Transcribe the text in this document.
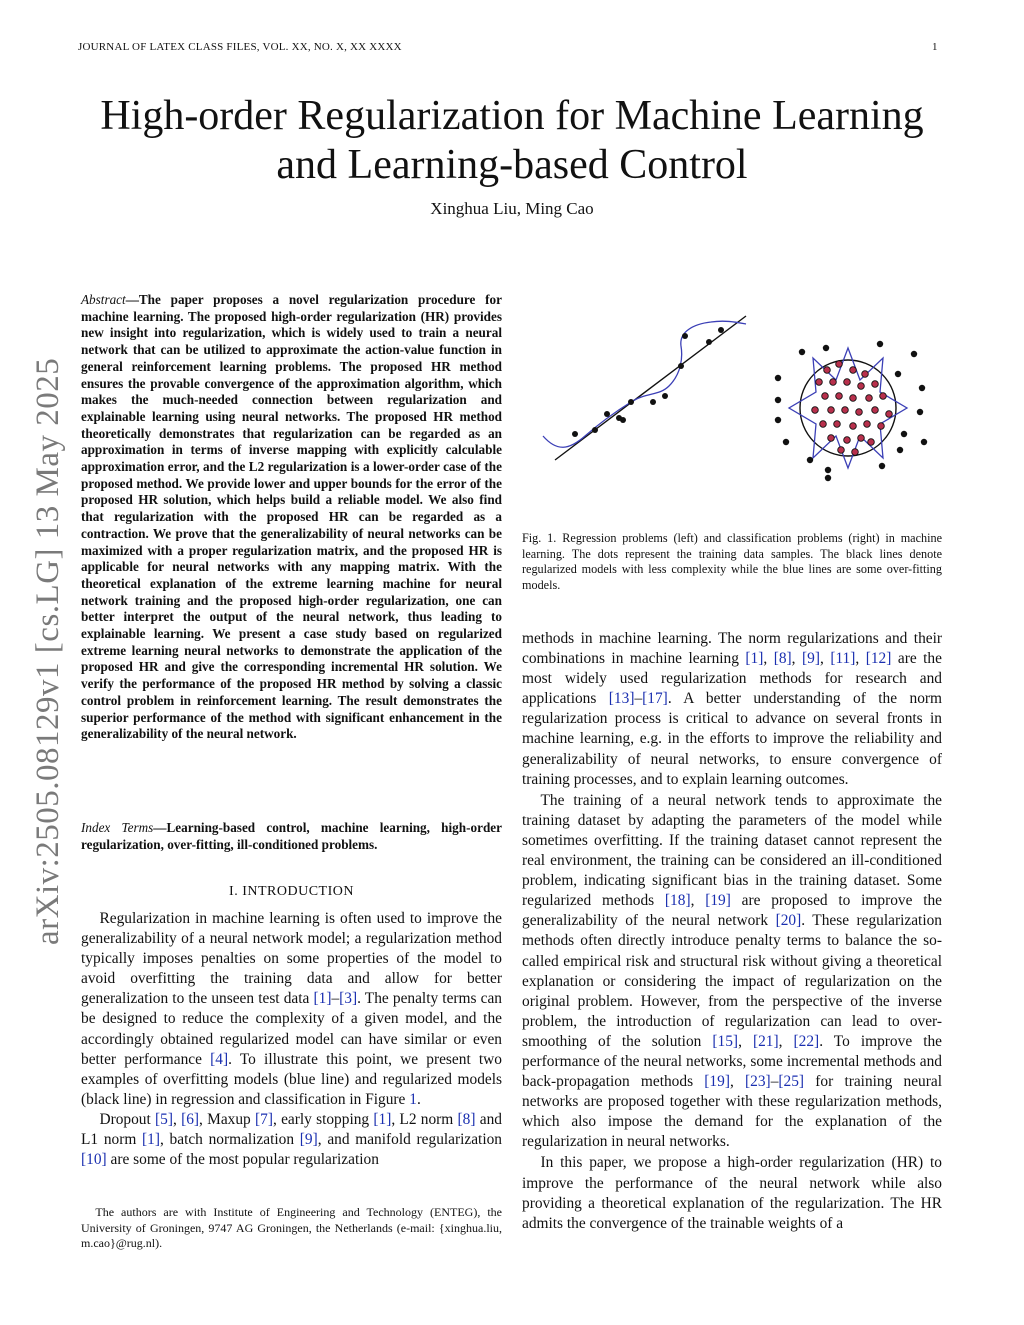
JOURNAL OF LATEX CLASS FILES, VOL. XX, NO. X, XX XXXX	1
High-order Regularization for Machine Learning
and Learning-based Control
Xinghua Liu, Ming Cao
arXiv:2505.08129v1 [cs.LG] 13 May 2025
Abstract—The paper proposes a novel regularization procedure for machine learning. The proposed high-order regularization (HR) provides new insight into regularization, which is widely used to train a neural network that can be utilized to approximate the action-value function in general reinforcement learning problems. The proposed HR method ensures the provable convergence of the approximation algorithm, which makes the much-needed connection between regularization and explainable learning using neural networks. The proposed HR method theoretically demonstrates that regularization can be regarded as an approximation in terms of inverse mapping with explicitly calculable approximation error, and the L2 regularization is a lower-order case of the proposed method. We provide lower and upper bounds for the error of the proposed HR solution, which helps build a reliable model. We also find that regularization with the proposed HR can be regarded as a contraction. We prove that the generalizability of neural networks can be maximized with a proper regularization matrix, and the proposed HR is applicable for neural networks with any mapping matrix. With the theoretical explanation of the extreme learning machine for neural network training and the proposed high-order regularization, one can better interpret the output of the neural network, thus leading to explainable learning. We present a case study based on regularized extreme learning neural networks to demonstrate the application of the proposed HR and give the corresponding incremental HR solution. We verify the performance of the proposed HR method by solving a classic control problem in reinforcement learning. The result demonstrates the superior performance of the method with significant enhancement in the generalizability of the neural network.
Index Terms—Learning-based control, machine learning, high-order regularization, over-fitting, ill-conditioned problems.
I. INTRODUCTION

Regularization in machine learning is often used to improve the generalizability of a neural network model; a regularization method typically imposes penalties on some properties of the model to avoid overfitting the training data and allow for better generalization to the unseen test data [1]–[3]. The penalty terms can be designed to reduce the complexity of a given model, and the accordingly obtained regularized model can have similar or even better performance [4]. To illustrate this point, we present two examples of overfitting models (blue line) and regularized models (black line) in regression and classification in Figure 1.

Dropout [5], [6], Maxup [7], early stopping [1], L2 norm [8] and L1 norm [1], batch normalization [9], and manifold regularization [10] are some of the most popular regularization

The authors are with Institute of Engineering and Technology (ENTEG), the University of Groningen, 9747 AG Groningen, the Netherlands (e-mail: {xinghua.liu, m.cao}@rug.nl).

Fig. 1. Regression problems (left) and classification problems (right) in machine learning. The dots represent the training data samples. The black lines denote regularized models with less complexity while the blue lines are some over-fitting models.

methods in machine learning. The norm regularizations and their combinations in machine learning [1], [8], [9], [11], [12] are the most widely used regularization methods for research and applications [13]–[17]. A better understanding of the norm regularization process is critical to advance on several fronts in machine learning, e.g. in the efforts to improve the reliability and generalizability of neural networks, to ensure convergence of training processes, and to explain learning outcomes.

The training of a neural network tends to approximate the training dataset by adapting the parameters of the model while sometimes overfitting. If the training dataset cannot represent the real environment, the training can be considered an ill-conditioned problem, indicating significant bias in the training dataset. Some regularized methods [18], [19] are proposed to improve the generalizability of the neural network [20]. These regularization methods often directly introduce penalty terms to balance the so-called empirical risk and structural risk without giving a theoretical explanation or considering the impact of regularization on the original problem. However, from the perspective of the inverse problem, the introduction of regularization can lead to over-smoothing of the solution [15], [21], [22]. To improve the performance of the neural networks, some incremental methods and back-propagation methods [19], [23]–[25] for training neural networks are proposed together with these regularization methods, which also impose the demand for the explanation of the regularization in neural networks.

In this paper, we propose a high-order regularization (HR) to improve the performance of the neural network while also providing a theoretical explanation of the regularization. The HR admits the convergence of the trainable weights of a
